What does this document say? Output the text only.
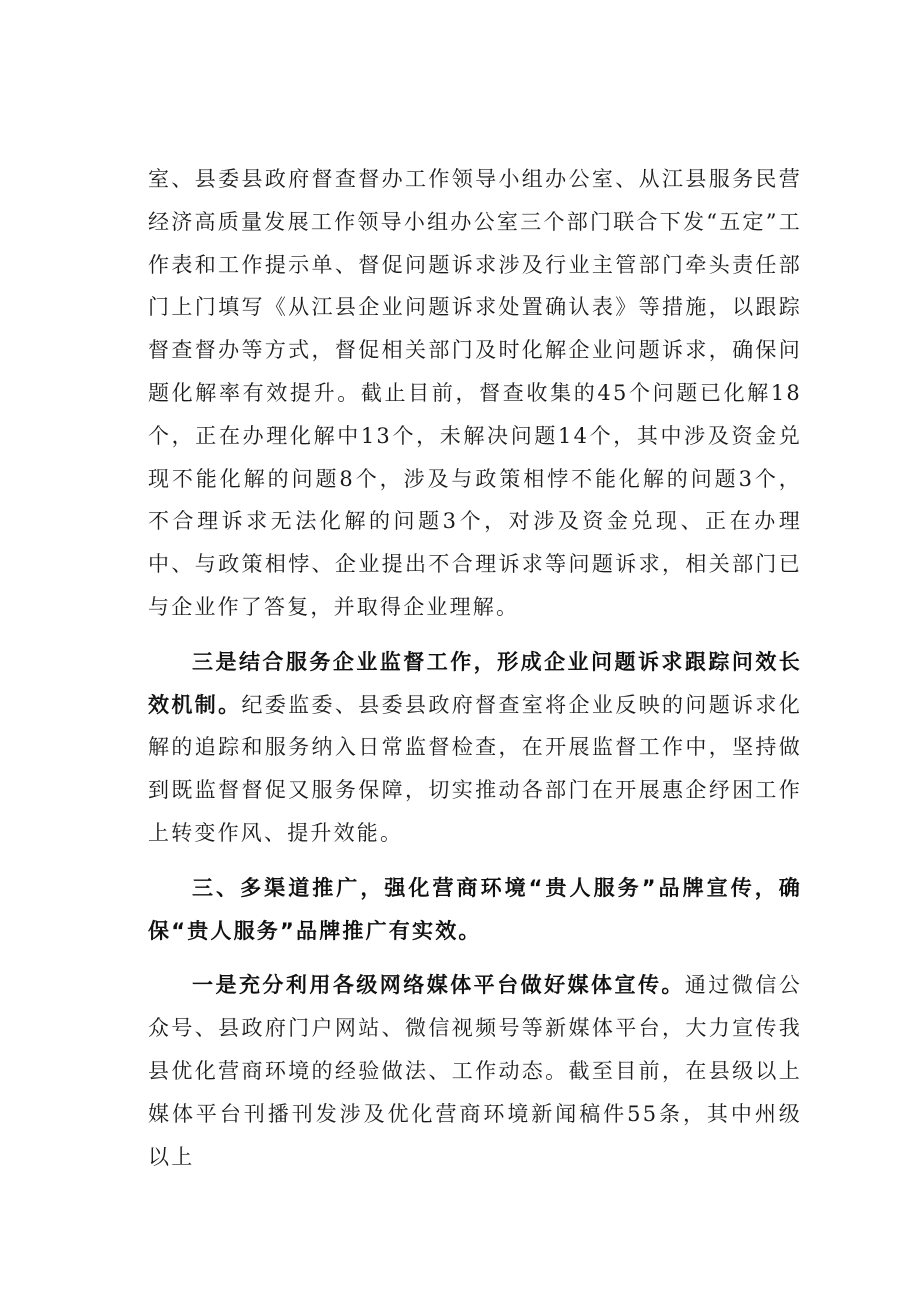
室、县委县政府督查督办工作领导小组办公室、从江县服务民营经济高质量发展工作领导小组办公室三个部门联合下发“五定”工作表和工作提示单、督促问题诉求涉及行业主管部门牵头责任部门上门填写《从江县企业问题诉求处置确认表》等措施，以跟踪督查督办等方式，督促相关部门及时化解企业问题诉求，确保问题化解率有效提升。截止目前，督查收集的45个问题已化解18个，正在办理化解中13个，未解决问题14个，其中涉及资金兑现不能化解的问题8个，涉及与政策相悖不能化解的问题3个，不合理诉求无法化解的问题3个，对涉及资金兑现、正在办理中、与政策相悖、企业提出不合理诉求等问题诉求，相关部门已与企业作了答复，并取得企业理解。

三是结合服务企业监督工作，形成企业问题诉求跟踪问效长效机制。纪委监委、县委县政府督查室将企业反映的问题诉求化解的追踪和服务纳入日常监督检查，在开展监督工作中，坚持做到既监督督促又服务保障，切实推动各部门在开展惠企纾困工作上转变作风、提升效能。

三、多渠道推广，强化营商环境“贵人服务”品牌宣传，确保“贵人服务”品牌推广有实效。

一是充分利用各级网络媒体平台做好媒体宣传。通过微信公众号、县政府门户网站、微信视频号等新媒体平台，大力宣传我县优化营商环境的经验做法、工作动态。截至目前，在县级以上媒体平台刊播刊发涉及优化营商环境新闻稿件55条，其中州级以上
